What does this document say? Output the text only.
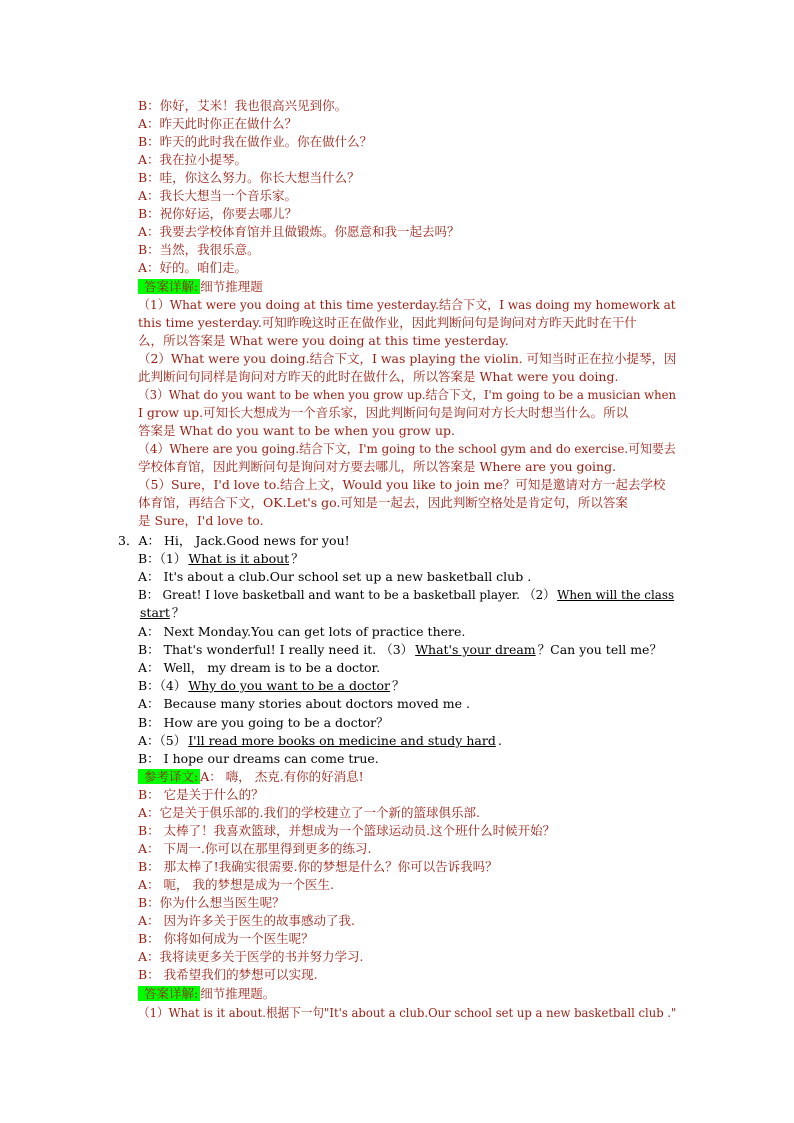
B：你好，艾米！我也很高兴见到你。
A：昨天此时你正在做什么？
B：昨天的此时我在做作业。你在做什么？
A：我在拉小提琴。
B：哇，你这么努力。你长大想当什么？
A：我长大想当一个音乐家。
B：祝你好运，你要去哪儿？
A：我要去学校体育馆并且做锻炼。你愿意和我一起去吗？
B：当然，我很乐意。
A：好的。咱们走。
答案详解: 细节推理题
（1）What were you doing at this time yesterday.结合下文，I was doing my homework at
this time yesterday.可知昨晚这时正在做作业，因此判断问句是询问对方昨天此时在干什
么，所以答案是 What were you doing at this time yesterday.
（2）What were you doing.结合下文，I was playing the violin. 可知当时正在拉小提琴，因
此判断问句同样是询问对方昨天的此时在做什么，所以答案是 What were you doing.
（3）What do you want to be when you grow up.结合下文，I'm going to be a musician when
I grow up.可知长大想成为一个音乐家，因此判断问句是询问对方长大时想当什么。所以
答案是 What do you want to be when you grow up.
（4）Where are you going.结合下文，I'm going to the school gym and do exercise.可知要去
学校体育馆，因此判断问句是询问对方要去哪儿，所以答案是 Where are you going.
（5）Sure，I'd love to.结合上文，Would you like to join me？可知是邀请对方一起去学校
体育馆，再结合下文，OK.Let's go.可知是一起去，因此判断空格处是肯定句，所以答案
是 Sure，I'd love to.
3．A： Hi， Jack.Good news for you!
B：（1） What is it about ？
A： It's about a club.Our school set up a new basketball club .
B： Great! I love basketball and want to be a basketball player. （2） When will the class
start ？
A： Next Monday.You can get lots of practice there.
B： That's wonderful! I really need it. （3） What's your dream ？Can you tell me？
A： Well， my dream is to be a doctor.
B：（4） Why do you want to be a doctor ？
A： Because many stories about doctors moved me .
B： How are you going to be a doctor？
A：（5） I'll read more books on medicine and study hard .
B： I hope our dreams can come true.
参考译文: A： 嗨， 杰克.有你的好消息!
B： 它是关于什么的？
A：它是关于俱乐部的.我们的学校建立了一个新的篮球俱乐部.
B： 太棒了！我喜欢篮球，并想成为一个篮球运动员.这个班什么时候开始？
A： 下周一.你可以在那里得到更多的练习.
B： 那太棒了!我确实很需要.你的梦想是什么？你可以告诉我吗？
A： 呃， 我的梦想是成为一个医生.
B：你为什么想当医生呢？
A： 因为许多关于医生的故事感动了我.
B： 你将如何成为一个医生呢？
A：我将读更多关于医学的书并努力学习.
B： 我希望我们的梦想可以实现.
答案详解: 细节推理题。
（1）What is it about.根据下一句"It's about a club.Our school set up a new basketball club ."
